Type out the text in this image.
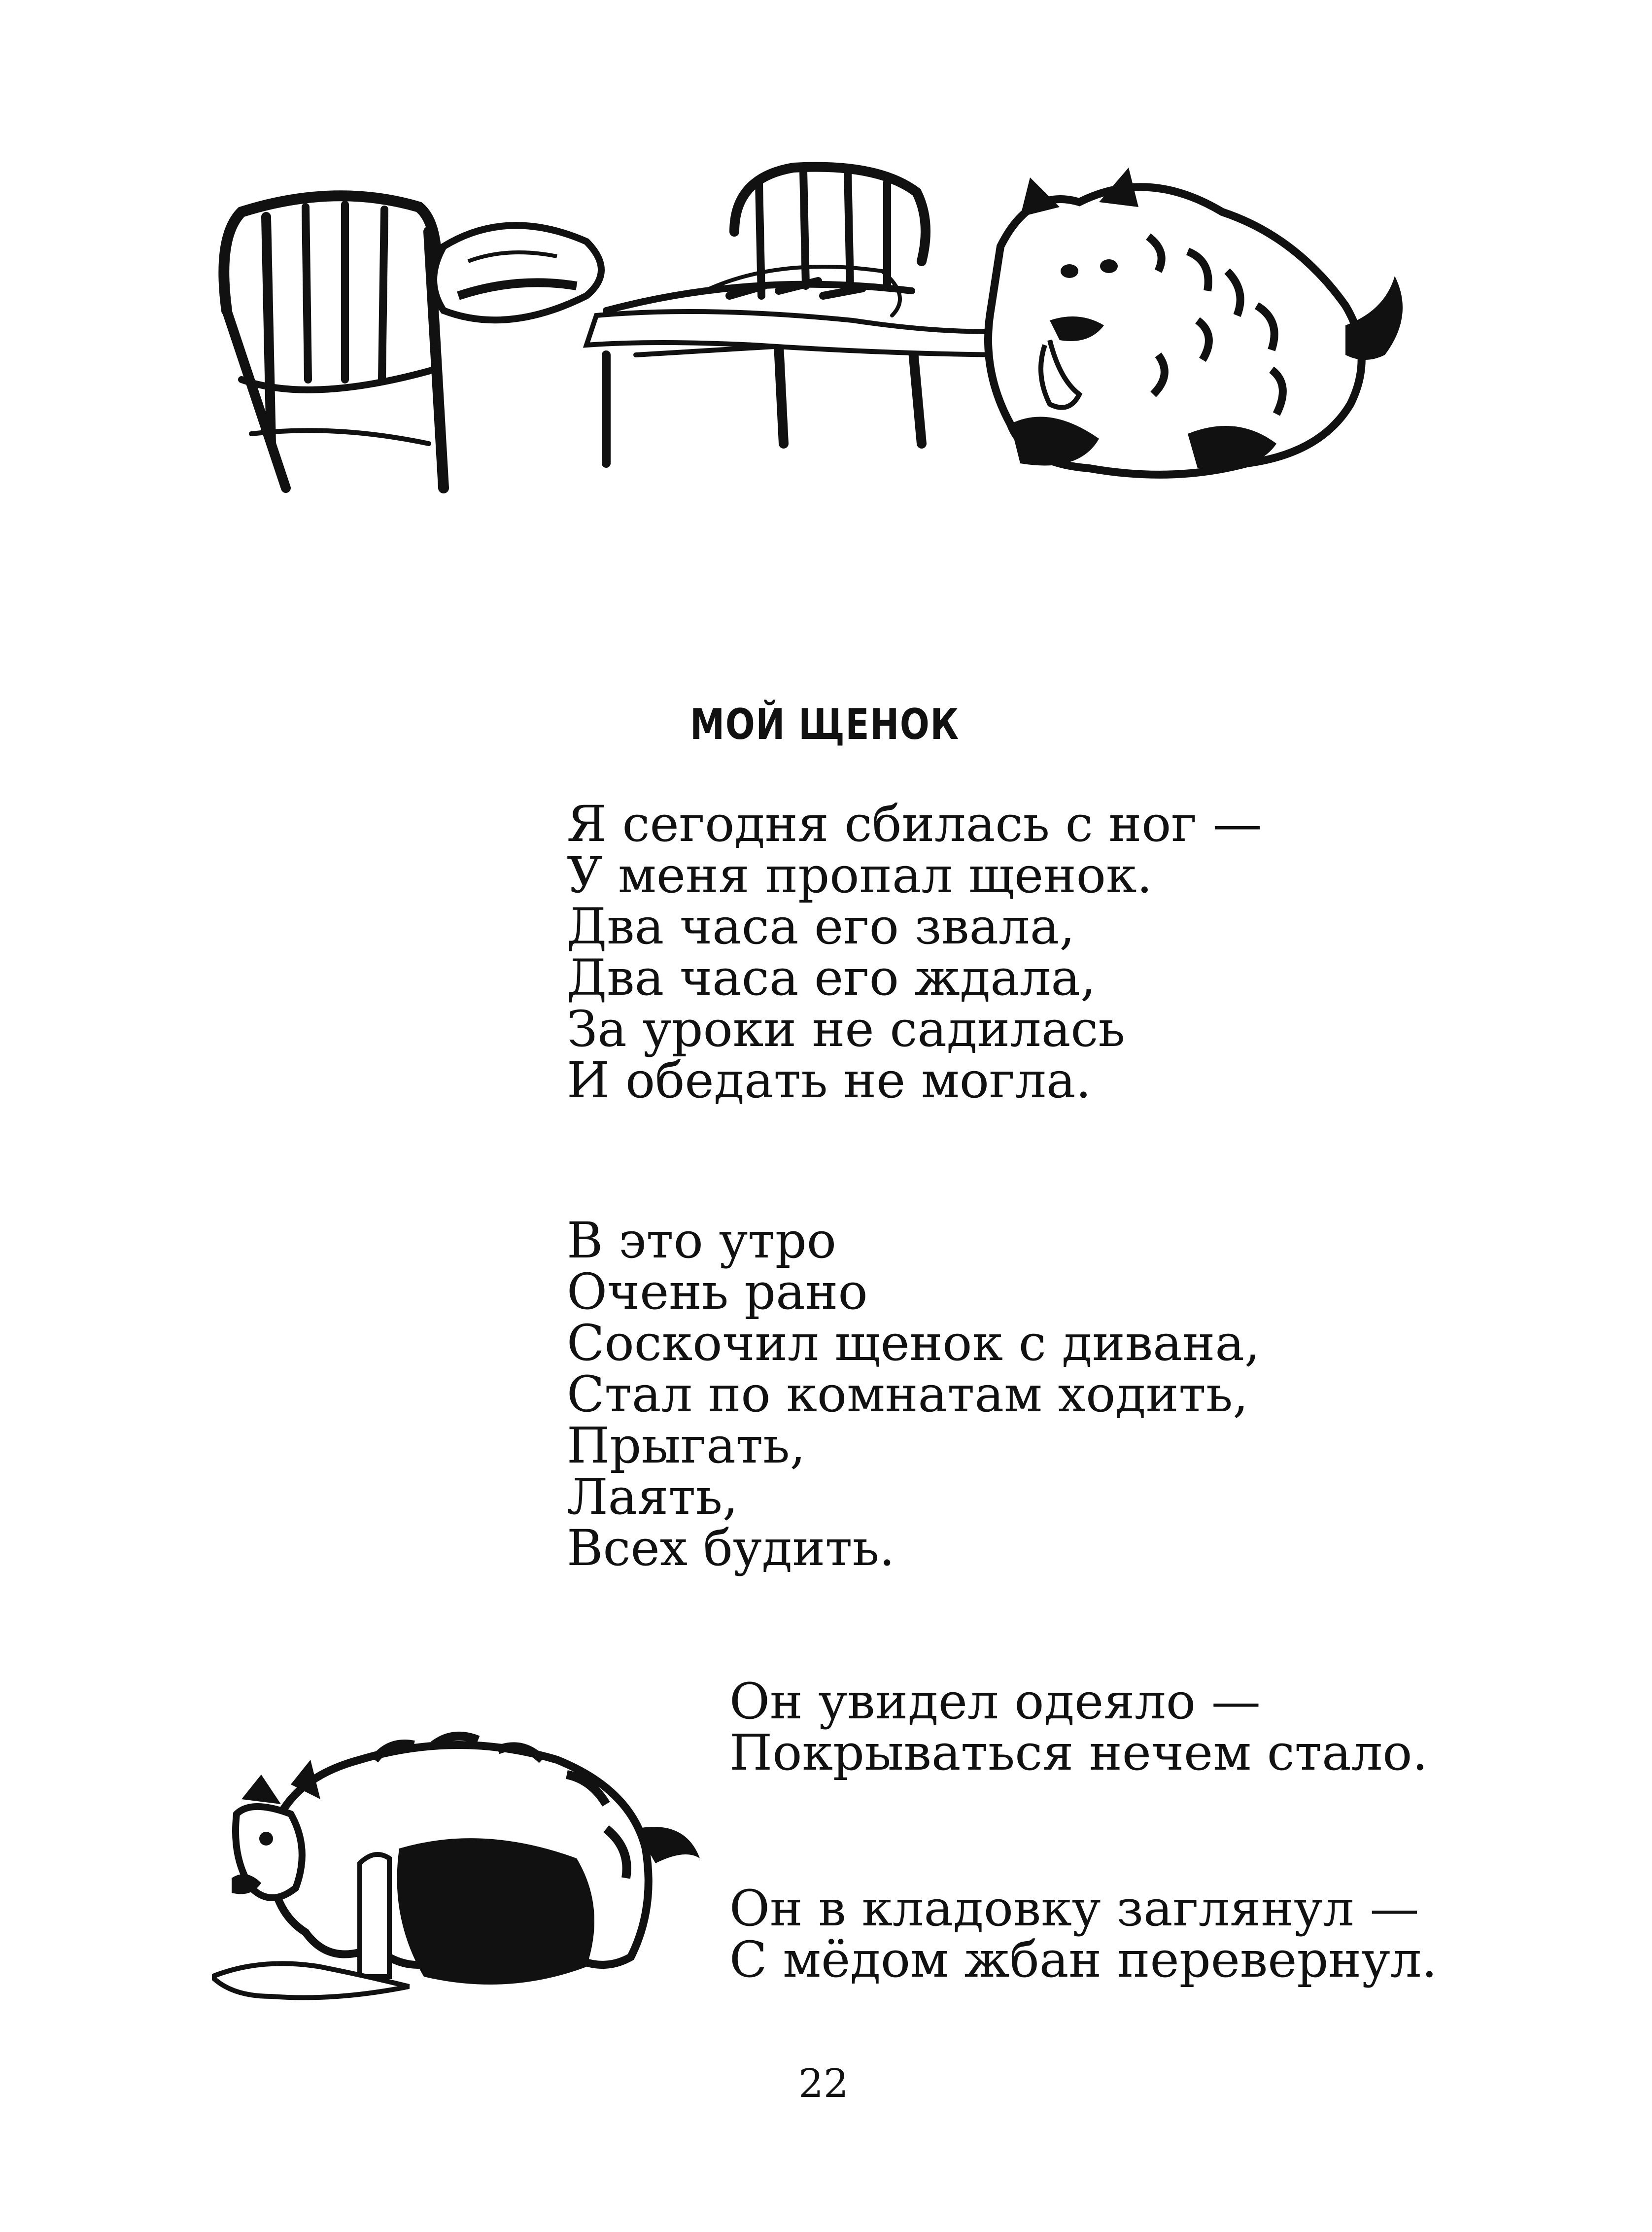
МОЙ ЩЕНОК
Я сегодня сбилась с ног —
У меня пропал щенок.
Два часа его звала,
Два часа его ждала,
За уроки не садилась
И обедать не могла.
В это утро
Очень рано
Соскочил щенок с дивана,
Стал по комнатам ходить,
Прыгать,
Лаять,
Всех будить.
Он увидел одеяло —
Покрываться нечем стало.
Он в кладовку заглянул —
С мёдом жбан перевернул.
22
